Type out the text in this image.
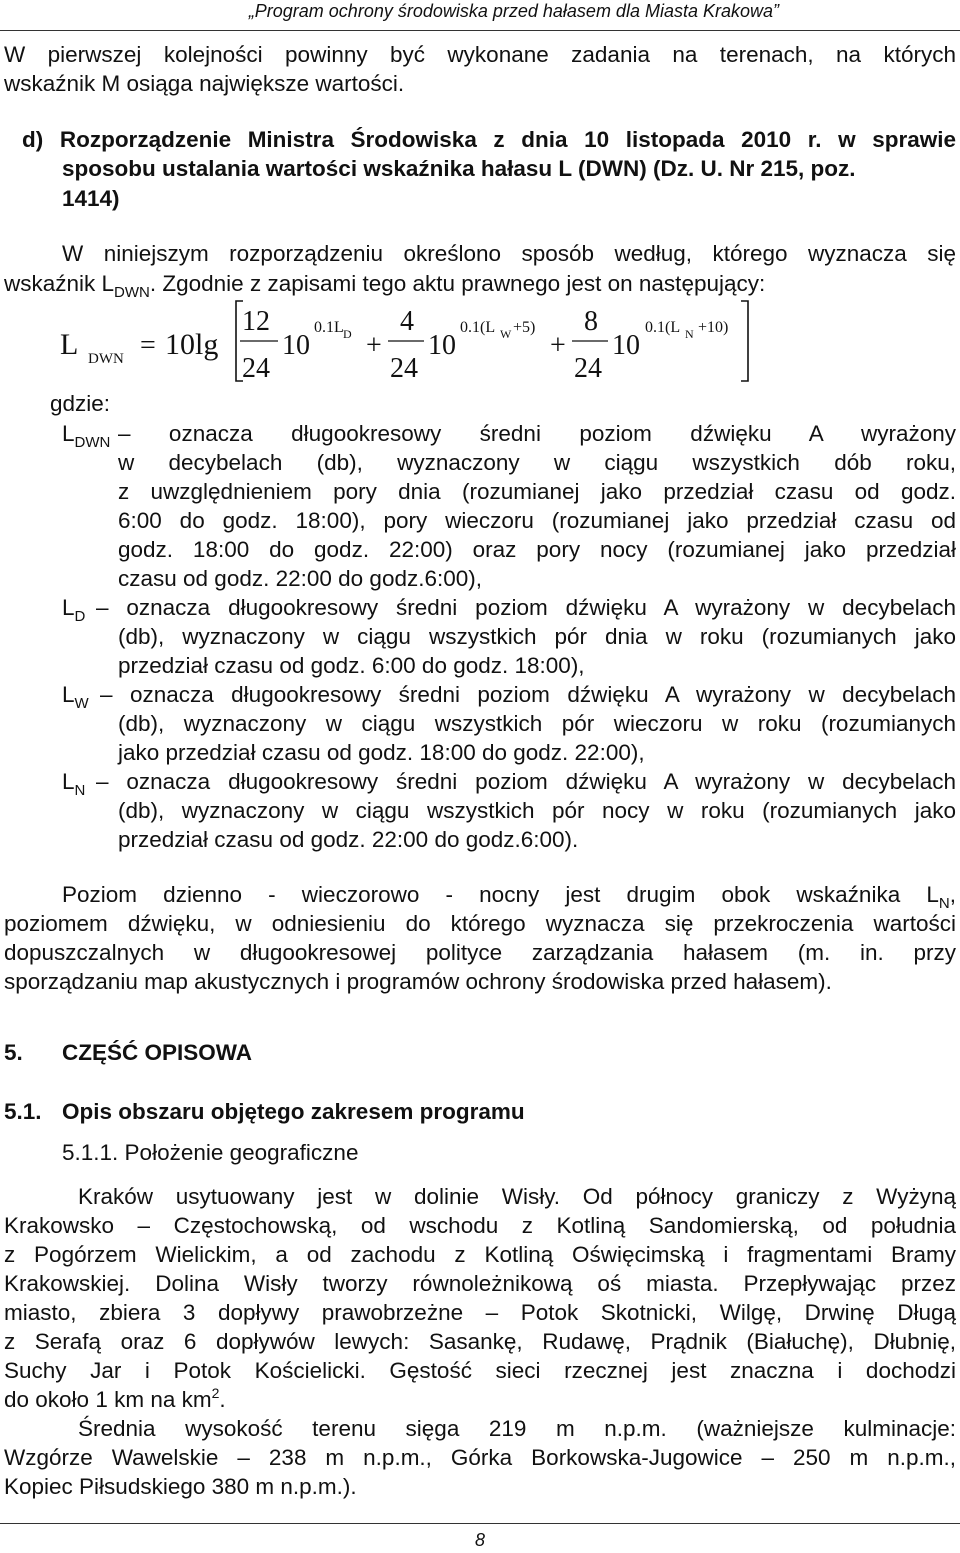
„Program ochrony środowiska przed hałasem dla Miasta Krakowa”
W pierwszej kolejności powinny być wykonane zadania na terenach, na których
wskaźnik M osiąga największe wartości.
d) Rozporządzenie Ministra Środowiska z dnia 10 listopada 2010 r. w sprawie
sposobu ustalania wartości wskaźnika hałasu L (DWN) (Dz. U. Nr 215, poz.
1414)
W niniejszym rozporządzeniu określono sposób według, którego wyznacza się
wskaźnik $L_{DWN}$. Zgodnie z zapisami tego aktu prawnego jest on następujący:
L DWN = 10lg
12
24
10
0.1L D +
4
24
10
0.1(L W +5)
+
8
24
10
0.1(L N +10)
gdzie:
$L_{DWN}$ – oznacza długookresowy średni poziom dźwięku A wyrażony
w decybelach (db), wyznaczony w ciągu wszystkich dób roku,
z uwzględnieniem pory dnia (rozumianej jako przedział czasu od godz.
6:00 do godz. 18:00), pory wieczoru (rozumianej jako przedział czasu od
godz. 18:00 do godz. 22:00) oraz pory nocy (rozumianej jako przedział
czasu od godz. 22:00 do godz.6:00),
$L_D$ – oznacza długookresowy średni poziom dźwięku A wyrażony w decybelach
(db), wyznaczony w ciągu wszystkich pór dnia w roku (rozumianych jako
przedział czasu od godz. 6:00 do godz. 18:00),
$L_W$ – oznacza długookresowy średni poziom dźwięku A wyrażony w decybelach
(db), wyznaczony w ciągu wszystkich pór wieczoru w roku (rozumianych
jako przedział czasu od godz. 18:00 do godz. 22:00),
$L_N$ – oznacza długookresowy średni poziom dźwięku A wyrażony w decybelach
(db), wyznaczony w ciągu wszystkich pór nocy w roku (rozumianych jako
przedział czasu od godz. 22:00 do godz.6:00).
Poziom dzienno - wieczorowo - nocny jest drugim obok wskaźnika $L_N$,
poziomem dźwięku, w odniesieniu do którego wyznacza się przekroczenia wartości
dopuszczalnych w długookresowej polityce zarządzania hałasem (m. in. przy
sporządzaniu map akustycznych i programów ochrony środowiska przed hałasem).
5. CZĘŚĆ OPISOWA
5.1. Opis obszaru objętego zakresem programu
5.1.1. Położenie geograficzne
Kraków usytuowany jest w dolinie Wisły. Od północy graniczy z Wyżyną
Krakowsko – Częstochowską, od wschodu z Kotliną Sandomierską, od południa
z Pogórzem Wielickim, a od zachodu z Kotliną Oświęcimską i fragmentami Bramy
Krakowskiej. Dolina Wisły tworzy równoleżnikową oś miasta. Przepływając przez
miasto, zbiera 3 dopływy prawobrzeżne – Potok Skotnicki, Wilgę, Drwinę Długą
z Serafą oraz 6 dopływów lewych: Sasankę, Rudawę, Prądnik (Białuchę), Dłubnię,
Suchy Jar i Potok Kościelicki. Gęstość sieci rzecznej jest znaczna i dochodzi
do około 1 km na $km^2$.
Średnia wysokość terenu sięga 219 m n.p.m. (ważniejsze kulminacje:
Wzgórze Wawelskie – 238 m n.p.m., Górka Borkowska-Jugowice – 250 m n.p.m.,
Kopiec Piłsudskiego 380 m n.p.m.).
8
